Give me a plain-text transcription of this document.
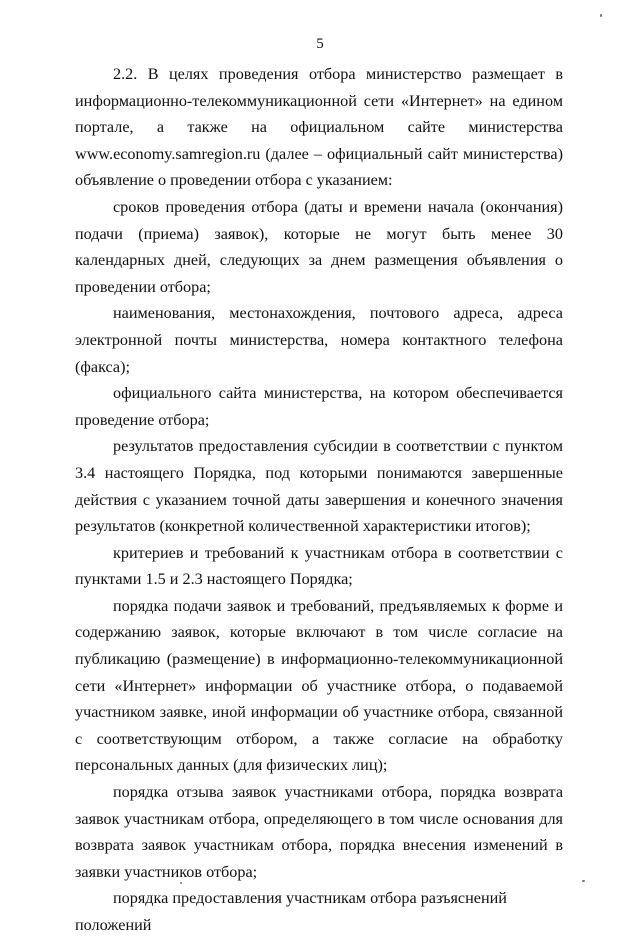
5

2.2. В целях проведения отбора министерство размещает в информационно-телекоммуникационной сети «Интернет» на едином портале, а также на официальном сайте министерства www.economy.samregion.ru (далее – официальный сайт министерства) объявление о проведении отбора с указанием:

сроков проведения отбора (даты и времени начала (окончания) подачи (приема) заявок), которые не могут быть менее 30 календарных дней, следующих за днем размещения объявления о проведении отбора;

наименования, местонахождения, почтового адреса, адреса электронной почты министерства, номера контактного телефона (факса);

официального сайта министерства, на котором обеспечивается проведение отбора;

результатов предоставления субсидии в соответствии с пунктом 3.4 настоящего Порядка, под которыми понимаются завершенные действия с указанием точной даты завершения и конечного значения результатов (конкретной количественной характеристики итогов);

критериев и требований к участникам отбора в соответствии с пунктами 1.5 и 2.3 настоящего Порядка;

порядка подачи заявок и требований, предъявляемых к форме и содержанию заявок, которые включают в том числе согласие на публикацию (размещение) в информационно-телекоммуникационной сети «Интернет» информации об участнике отбора, о подаваемой участником заявке, иной информации об участнике отбора, связанной с соответствующим отбором, а также согласие на обработку персональных данных (для физических лиц);

порядка отзыва заявок участниками отбора, порядка возврата заявок участникам отбора, определяющего в том числе основания для возврата заявок участникам отбора, порядка внесения изменений в заявки участников отбора;

порядка предоставления участникам отбора разъяснений положений
